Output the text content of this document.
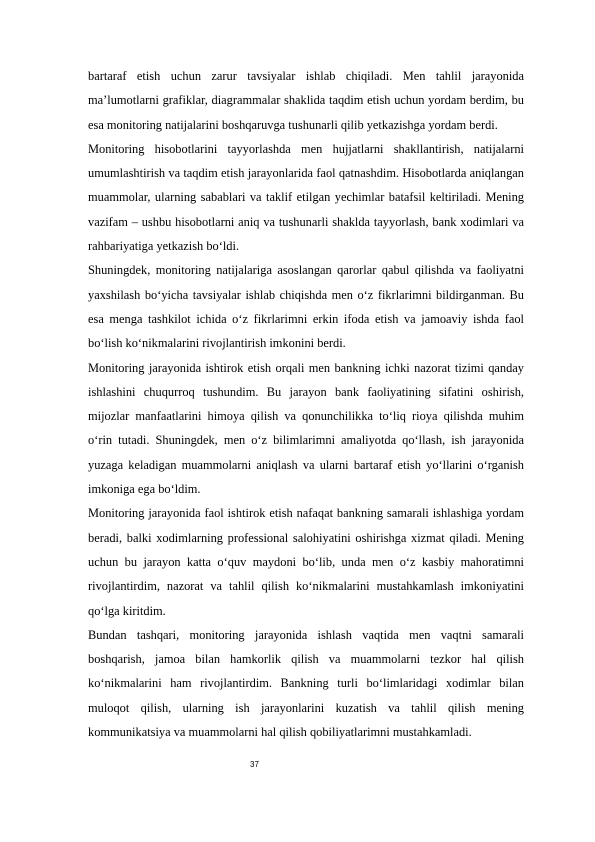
bartaraf etish uchun zarur tavsiyalar ishlab chiqiladi. Men tahlil jarayonida ma’lumotlarni grafiklar, diagrammalar shaklida taqdim etish uchun yordam berdim, bu esa monitoring natijalarini boshqaruvga tushunarli qilib yetkazishga yordam berdi.

Monitoring hisobotlarini tayyorlashda men hujjatlarni shakllantirish, natijalarni umumlashtirish va taqdim etish jarayonlarida faol qatnashdim. Hisobotlarda aniqlangan muammolar, ularning sabablari va taklif etilgan yechimlar batafsil keltiriladi. Mening vazifam – ushbu hisobotlarni aniq va tushunarli shaklda tayyorlash, bank xodimlari va rahbariyatiga yetkazish bo‘ldi.

Shuningdek, monitoring natijalariga asoslangan qarorlar qabul qilishda va faoliyatni yaxshilash bo‘yicha tavsiyalar ishlab chiqishda men o‘z fikrlarimni bildirganman. Bu esa menga tashkilot ichida o‘z fikrlarimni erkin ifoda etish va jamoaviy ishda faol bo‘lish ko‘nikmalarini rivojlantirish imkonini berdi.

Monitoring jarayonida ishtirok etish orqali men bankning ichki nazorat tizimi qanday ishlashini chuqurroq tushundim. Bu jarayon bank faoliyatining sifatini oshirish, mijozlar manfaatlarini himoya qilish va qonunchilikka to‘liq rioya qilishda muhim o‘rin tutadi. Shuningdek, men o‘z bilimlarimni amaliyotda qo‘llash, ish jarayonida yuzaga keladigan muammolarni aniqlash va ularni bartaraf etish yo‘llarini o‘rganish imkoniga ega bo‘ldim.

Monitoring jarayonida faol ishtirok etish nafaqat bankning samarali ishlashiga yordam beradi, balki xodimlarning professional salohiyatini oshirishga xizmat qiladi. Mening uchun bu jarayon katta o‘quv maydoni bo‘lib, unda men o‘z kasbiy mahoratimni rivojlantirdim, nazorat va tahlil qilish ko‘nikmalarini mustahkamlash imkoniyatini qo‘lga kiritdim.

Bundan tashqari, monitoring jarayonida ishlash vaqtida men vaqtni samarali boshqarish, jamoa bilan hamkorlik qilish va muammolarni tezkor hal qilish ko‘nikmalarini ham rivojlantirdim. Bankning turli bo‘limlaridagi xodimlar bilan muloqot qilish, ularning ish jarayonlarini kuzatish va tahlil qilish mening kommunikatsiya va muammolarni hal qilish qobiliyatlarimni mustahkamladi.

37
